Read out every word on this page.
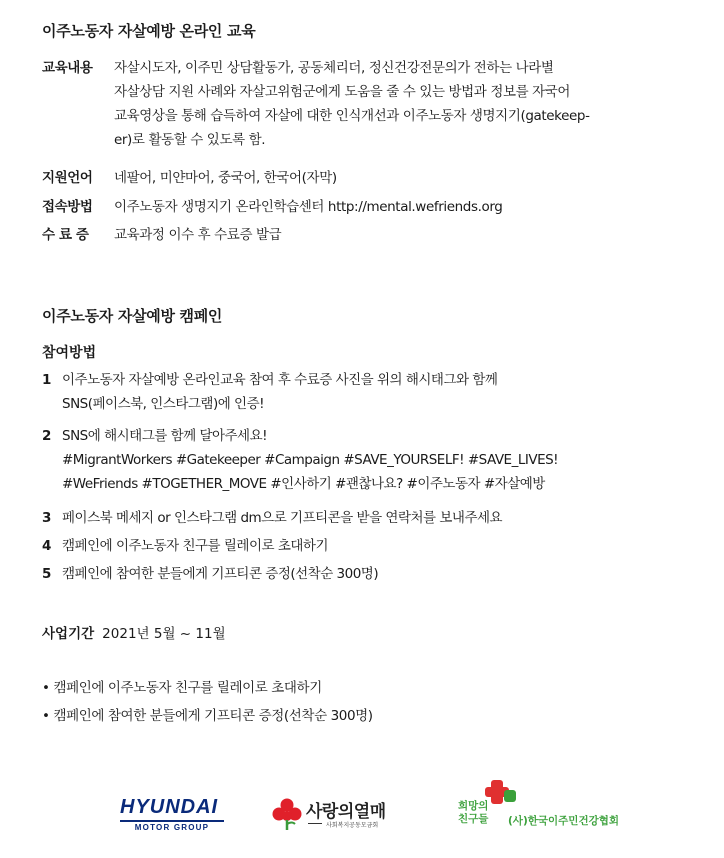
이주노동자 자살예방 온라인 교육
교육내용 자살시도자, 이주민 상담활동가, 공동체리더, 정신건강전문의가 전하는 나라별
자살상담 지원 사례와 자살고위험군에게 도움을 줄 수 있는 방법과 정보를 자국어
교육영상을 통해 습득하여 자살에 대한 인식개선과 이주노동자 생명지기(gatekeep-
er)로 활동할 수 있도록 함.
지원언어 네팔어, 미얀마어, 중국어, 한국어(자막)
접속방법 이주노동자 생명지기 온라인학습센터 http://mental.wefriends.org
수 료 증 교육과정 이수 후 수료증 발급
이주노동자 자살예방 캠페인
참여방법
1 이주노동자 자살예방 온라인교육 참여 후 수료증 사진을 위의 해시태그와 함께
SNS(페이스북, 인스타그램)에 인증!
2 SNS에 해시태그를 함께 달아주세요!
#MigrantWorkers #Gatekeeper #Campaign #SAVE_YOURSELF! #SAVE_LIVES!
#WeFriends #TOGETHER_MOVE #인사하기 #괜찮나요? #이주노동자 #자살예방
3 페이스북 메세지 or 인스타그램 dm으로 기프티콘을 받을 연락처를 보내주세요
4 캠페인에 이주노동자 친구를 릴레이로 초대하기
5 캠페인에 참여한 분들에게 기프티콘 증정(선착순 300명)
사업기간 2021년 5월 ~ 11월
• 캠페인에 이주노동자 친구를 릴레이로 초대하기
• 캠페인에 참여한 분들에게 기프티콘 증정(선착순 300명)
HYUNDAI
MOTOR GROUP
사랑의열매
사회복지공동모금회
희망의
친구들 (사)한국이주민건강협회
